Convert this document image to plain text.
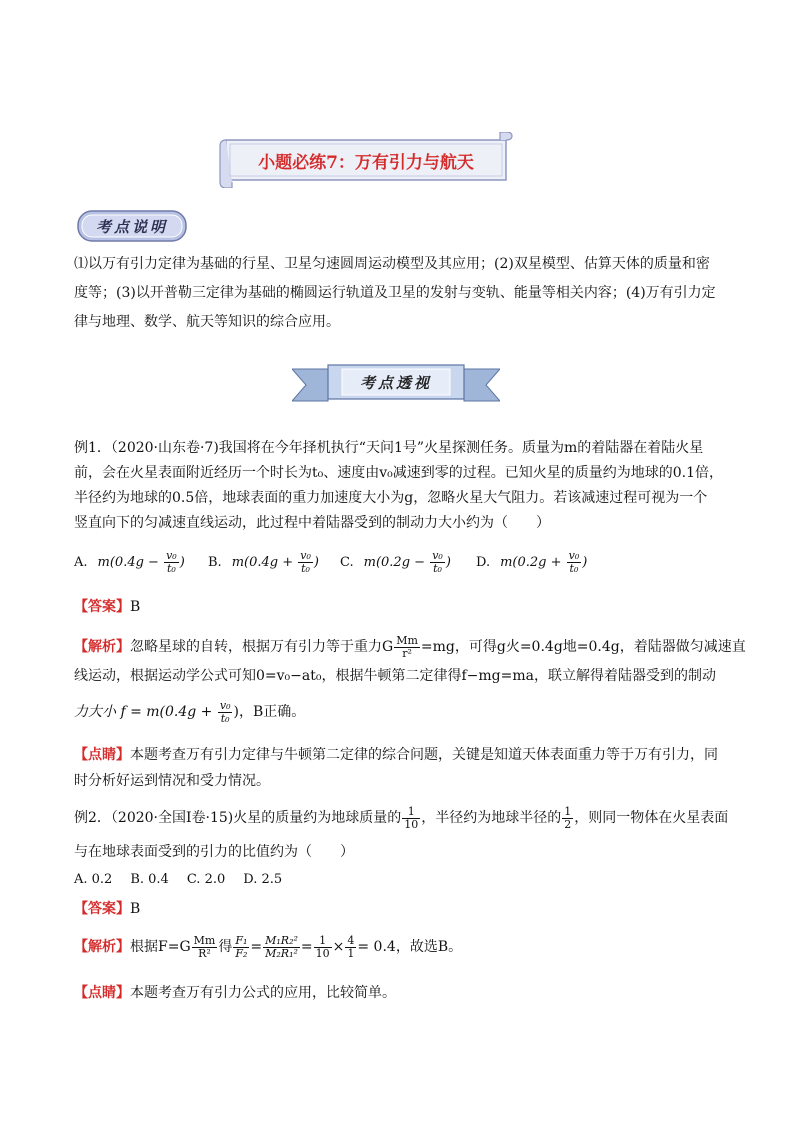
小题必练7：万有引力与航天
考点说明
⑴以万有引力定律为基础的行星、卫星匀速圆周运动模型及其应用；(2)双星模型、估算天体的质量和密
度等；(3)以开普勒三定律为基础的椭圆运行轨道及卫星的发射与变轨、能量等相关内容；(4)万有引力定
律与地理、数学、航天等知识的综合应用。
考点透视
例1．（2020·山东卷·7)我国将在今年择机执行“天问1号”火星探测任务。质量为m的着陆器在着陆火星
前，会在火星表面附近经历一个时长为t₀、速度由v₀减速到零的过程。已知火星的质量约为地球的0.1倍，
半径约为地球的0.5倍，地球表面的重力加速度大小为g，忽略火星大气阻力。若该减速过程可视为一个
竖直向下的匀减速直线运动，此过程中着陆器受到的制动力大小约为（　　）
A. $m(0.4g - \frac{\text{v₀}}{\text{t₀}}$ ) B. $m(0.4g + \frac{\text{v₀}}{\text{t₀}}$ ) C. $m(0.2g - \frac{\text{v₀}}{\text{t₀}}$ ) D. $m(0.2g + \frac{\text{v₀}}{\text{t₀}}$ )
【答案】B
【解析】忽略星球的自转，根据万有引力等于重力G $\frac{Mm}{\text{r²}} =mg$，可得g火=0.4g地=0.4g，着陆器做匀减速直
线运动，根据运动学公式可知0=v₀−at₀，根据牛顿第二定律得f−mg=ma，联立解得着陆器受到的制动
力大小 $f = m(0.4g + \frac{\text{v₀}}{\text{t₀}}$ )，B正确。
【点睛】本题考查万有引力定律与牛顿第二定律的综合问题，关键是知道天体表面重力等于万有引力，同
时分析好运到情况和受力情况。
例2．（2020·全国Ⅰ卷·15)火星的质量约为地球质量的 $\frac{1}{10}$ ，半径约为地球半径的 $\frac{1}{2}$ ，则同一物体在火星表面
与在地球表面受到的引力的比值约为（　　）
A. 0.2 B. 0.4 C. 2.0 D. 2.5
【答案】B
【解析】根据$F=G \frac{Mm}{\text{R²}}$ 得 $\frac{\text{F₁}}{\text{F₂}} = \frac{\text{M₁R₂²}}{\text{M₂R₁²}} = \frac{1}{10} \times \frac{4}{1} = 0.4$，故选B。
【点睛】本题考查万有引力公式的应用，比较简单。
